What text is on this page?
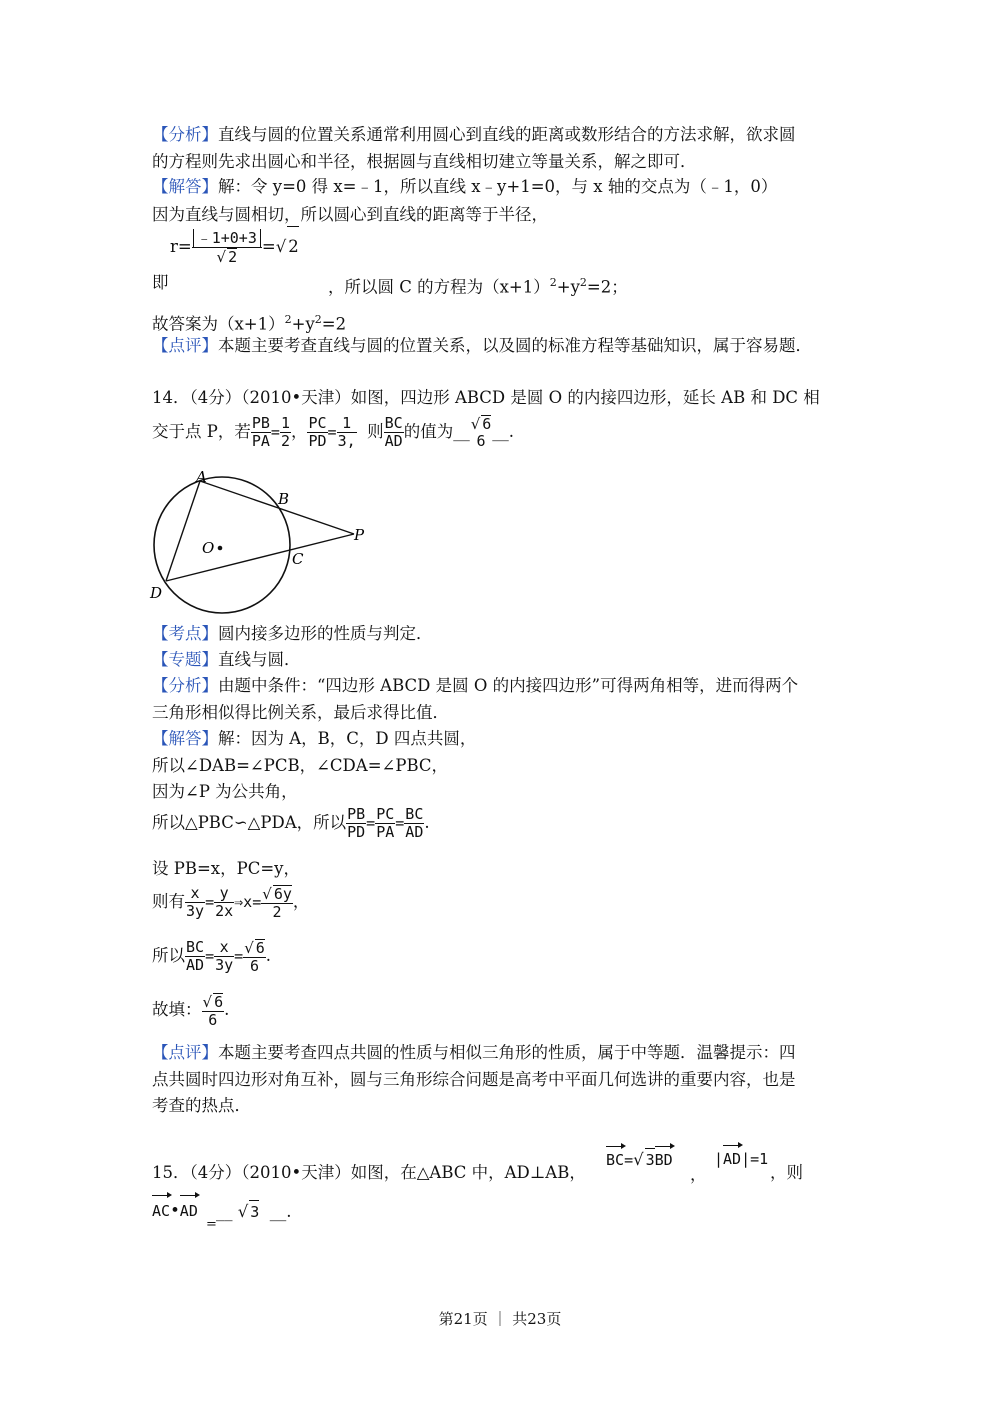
【分析】直线与圆的位置关系通常利用圆心到直线的距离或数形结合的方法求解，欲求圆
的方程则先求出圆心和半径，根据圆与直线相切建立等量关系，解之即可．
【解答】解：令 y=0 得 x=﹣1，所以直线 x﹣y+1=0，与 x 轴的交点为（﹣1，0）
因为直线与圆相切，所以圆心到直线的距离等于半径，
$r= \frac{﹣1+0+3}{√ 2}$ =√ 2
即	，所以圆 C 的方程为$(x+1)^2+y^2=2$；
故答案为$(x+1)^2+y^2=2$
【点评】本题主要考查直线与圆的位置关系，以及圆的标准方程等基础知识，属于容易题．
14．（4分）（2010•天津）如图，四边形 ABCD 是圆 O 的内接四边形，延长 AB 和 DC 相
交于点 P，若 $\frac{PB}{PA} = \frac{1}{2}$ ， $\frac{PC}{PD} = \frac{1}{3,}$ 则 $\frac{BC}{AD}$ 的值为__ √ 6
6 __.
A
B
C
D
O
P
【考点】圆内接多边形的性质与判定．
【专题】直线与圆．
【分析】由题中条件：“四边形 ABCD 是圆 O 的内接四边形”可得两角相等，进而得两个
三角形相似得比例关系，最后求得比值．
【解答】解：因为 A，B，C，D 四点共圆，
所以∠DAB=∠PCB，∠CDA=∠PBC，
因为∠P 为公共角，
所以△PBC∽△PDA，所以 $\frac{PB}{PD} = \frac{PC}{PA} = \frac{BC}{AD}$ .
设 PB=x，PC=y，
则有 $\frac{x}{3y} = \frac{y}{2x}$ ⇒x= $\frac{√ 6y}{2}$ ，
所以 $\frac{BC}{AD} = \frac{x}{3y} = \frac{√ 6}{6}$ .
故填： $\frac{√ 6}{6}$ .
【点评】本题主要考查四点共圆的性质与相似三角形的性质，属于中等题．温馨提示：四
点共圆时四边形对角互补，圆与三角形综合问题是高考中平面几何选讲的重要内容，也是
考查的热点．
15．（4分）（2010•天津）如图，在△ABC 中，AD⊥AB，
BC=√ 3BD
，
|AD|=1
，则
AC•AD
=
__ √ 3 __.
第21页 ｜ 共23页
